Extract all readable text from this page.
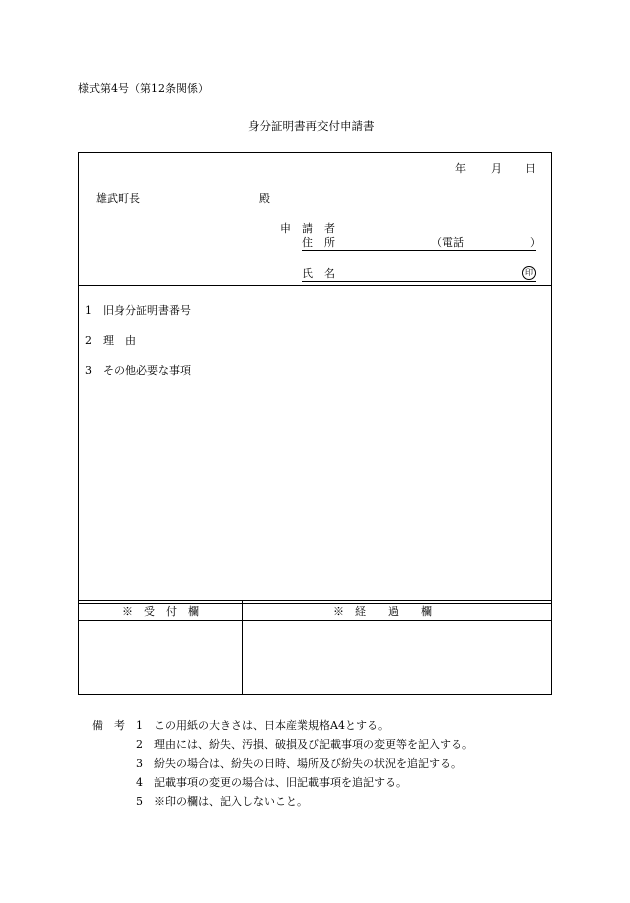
様式第4号（第12条関係）
身分証明書再交付申請書
年 月 日
雄武町長	殿
申　請　者
住　所	（電話　　　　　　）
氏　名	印
1　旧身分証明書番号
2　理　由
3　その他必要な事項
※　受　付　欄	※　経　　過　　欄
備　考 1　この用紙の大きさは、日本産業規格A4とする。
2　理由には、紛失、汚損、破損及び記載事項の変更等を記入する。
3　紛失の場合は、紛失の日時、場所及び紛失の状況を追記する。
4　記載事項の変更の場合は、旧記載事項を追記する。
5　※印の欄は、記入しないこと。
